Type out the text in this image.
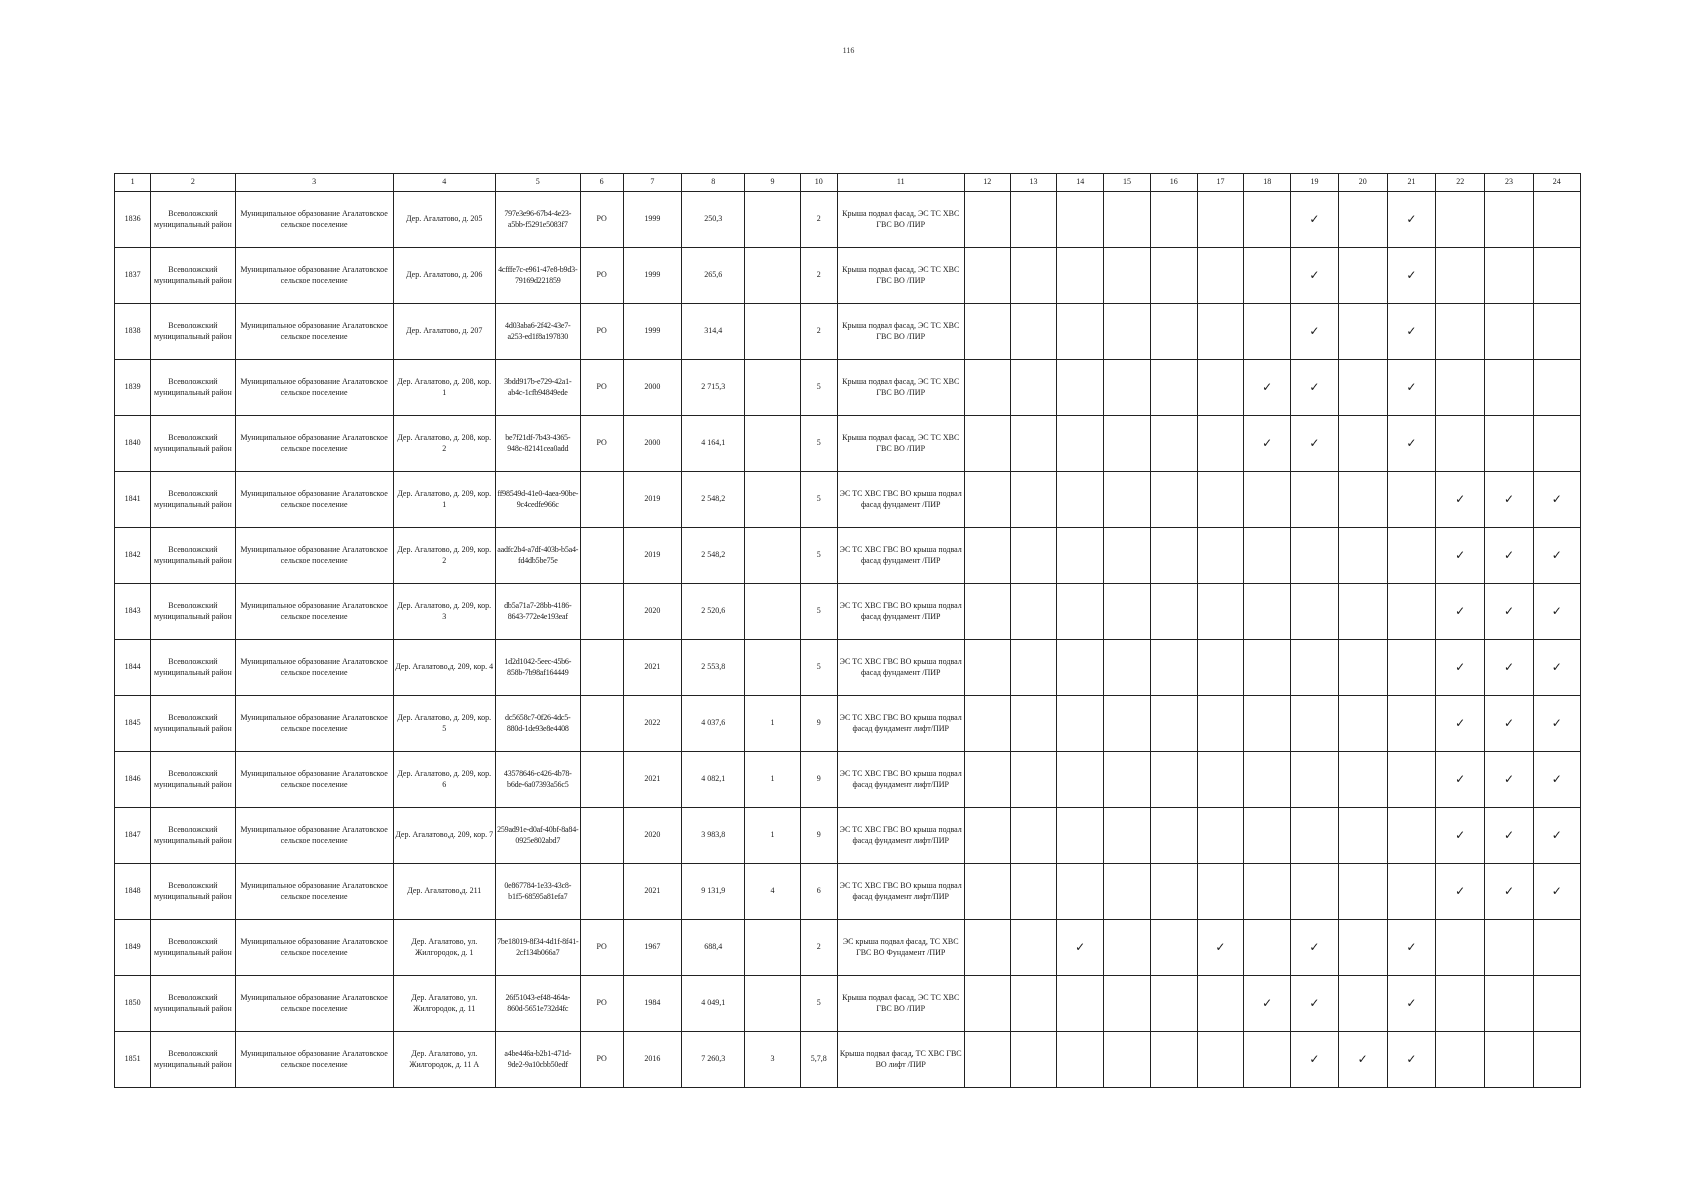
116
1	2	3	4	5	6	7	8	9	10	11	12	13	14	15	16	17	18	19	20	21	22	23	24
1836	Всеволожский муниципальный район	Муниципальное образование Агалатовское сельское поселение	Дер. Агалатово, д. 205	797e3e96-67b4-4e23-a5bb-f5291e5083f7	РО	1999	250,3		2	Крыша подвал фасад, ЭС ТС ХВС ГВС ВО /ПИР								✓		✓			
1837	Всеволожский муниципальный район	Муниципальное образование Агалатовское сельское поселение	Дер. Агалатово, д. 206	4cfffe7c-e961-47e8-b9d3-79169d221859	РО	1999	265,6		2	Крыша подвал фасад, ЭС ТС ХВС ГВС ВО /ПИР								✓		✓			
1838	Всеволожский муниципальный район	Муниципальное образование Агалатовское сельское поселение	Дер. Агалатово, д. 207	4d03aba6-2f42-43e7-a253-ed1f8a197830	РО	1999	314,4		2	Крыша подвал фасад, ЭС ТС ХВС ГВС ВО /ПИР								✓		✓			
1839	Всеволожский муниципальный район	Муниципальное образование Агалатовское сельское поселение	Дер. Агалатово, д. 208, кор. 1	3bdd917b-e729-42a1-ab4c-1cfb94849ede	РО	2000	2 715,3		5	Крыша подвал фасад, ЭС ТС ХВС ГВС ВО /ПИР							✓	✓		✓			
1840	Всеволожский муниципальный район	Муниципальное образование Агалатовское сельское поселение	Дер. Агалатово, д. 208, кор. 2	be7f21df-7b43-4365-948c-82141cea0add	РО	2000	4 164,1		5	Крыша подвал фасад, ЭС ТС ХВС ГВС ВО /ПИР							✓	✓		✓			
1841	Всеволожский муниципальный район	Муниципальное образование Агалатовское сельское поселение	Дер. Агалатово, д. 209, кор. 1	ff98549d-41e0-4aea-90be-9c4cedfe966c		2019	2 548,2		5	ЭС ТС ХВС ГВС ВО крыша подвал фасад фундамент /ПИР											✓	✓	✓
1842	Всеволожский муниципальный район	Муниципальное образование Агалатовское сельское поселение	Дер. Агалатово, д. 209, кор. 2	aadfc2b4-a7df-403b-b5a4-fd4db5be75e		2019	2 548,2		5	ЭС ТС ХВС ГВС ВО крыша подвал фасад фундамент /ПИР											✓	✓	✓
1843	Всеволожский муниципальный район	Муниципальное образование Агалатовское сельское поселение	Дер. Агалатово, д. 209, кор. 3	db5a71a7-28bb-4186-8643-772e4e193eaf		2020	2 520,6		5	ЭС ТС ХВС ГВС ВО крыша подвал фасад фундамент /ПИР											✓	✓	✓
1844	Всеволожский муниципальный район	Муниципальное образование Агалатовское сельское поселение	Дер. Агалатово,д. 209, кор. 4	1d2d1042-5eec-45b6-858b-7b98af164449		2021	2 553,8		5	ЭС ТС ХВС ГВС ВО крыша подвал фасад фундамент /ПИР											✓	✓	✓
1845	Всеволожский муниципальный район	Муниципальное образование Агалатовское сельское поселение	Дер. Агалатово, д. 209, кор. 5	dc5658c7-0f26-4dc5-880d-1de93e8e4408		2022	4 037,6	1	9	ЭС ТС ХВС ГВС ВО крыша подвал фасад фундамент лифт/ПИР											✓	✓	✓
1846	Всеволожский муниципальный район	Муниципальное образование Агалатовское сельское поселение	Дер. Агалатово, д. 209, кор. 6	43578646-c426-4b78-b6de-6a07393a56c5		2021	4 082,1	1	9	ЭС ТС ХВС ГВС ВО крыша подвал фасад фундамент лифт/ПИР											✓	✓	✓
1847	Всеволожский муниципальный район	Муниципальное образование Агалатовское сельское поселение	Дер. Агалатово,д. 209, кор. 7	259ad91e-d0af-40bf-8a84-0925e802abd7		2020	3 983,8	1	9	ЭС ТС ХВС ГВС ВО крыша подвал фасад фундамент лифт/ПИР											✓	✓	✓
1848	Всеволожский муниципальный район	Муниципальное образование Агалатовское сельское поселение	Дер. Агалатово,д. 211	0e867784-1e33-43c8-b1f5-68595a81efa7		2021	9 131,9	4	6	ЭС ТС ХВС ГВС ВО крыша подвал фасад фундамент лифт/ПИР											✓	✓	✓
1849	Всеволожский муниципальный район	Муниципальное образование Агалатовское сельское поселение	Дер. Агалатово, ул. Жилгородок, д. 1	7be18019-8f34-4d1f-8f41-2cf134b066a7	РО	1967	688,4		2	ЭС крыша подвал фасад, ТС ХВС ГВС ВО Фундамент /ПИР			✓			✓		✓		✓			
1850	Всеволожский муниципальный район	Муниципальное образование Агалатовское сельское поселение	Дер. Агалатово, ул. Жилгородок, д. 11	26f51043-ef48-464a-860d-5651e732d4fc	РО	1984	4 049,1		5	Крыша подвал фасад, ЭС ТС ХВС ГВС ВО /ПИР							✓	✓		✓			
1851	Всеволожский муниципальный район	Муниципальное образование Агалатовское сельское поселение	Дер. Агалатово, ул. Жилгородок, д. 11 А	a4be446a-b2b1-471d-9de2-9a10cbb50edf	РО	2016	7 260,3	3	5,7,8	Крыша подвал фасад, ТС ХВС ГВС ВО лифт /ПИР								✓	✓	✓			
